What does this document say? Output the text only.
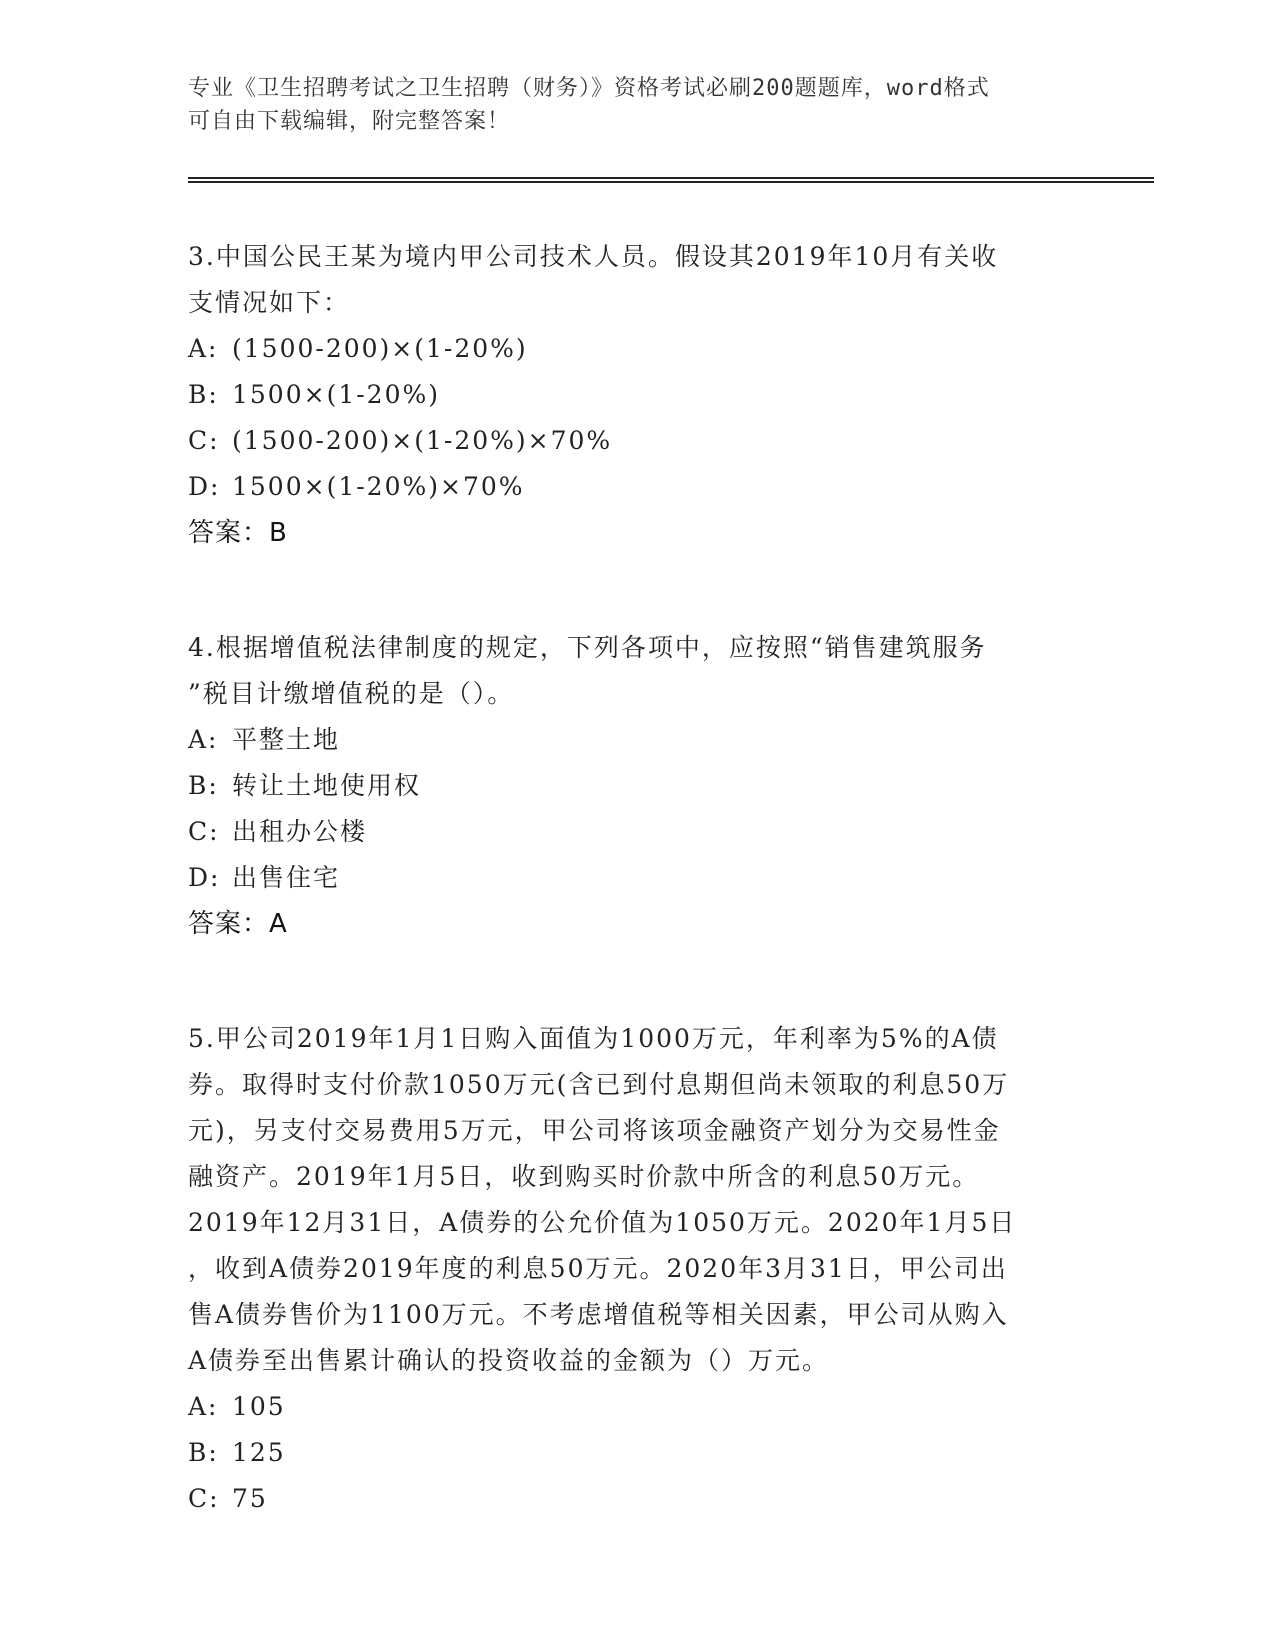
专业《卫生招聘考试之卫生招聘（财务）》资格考试必刷200题题库，word格式
可自由下载编辑，附完整答案！

3.中国公民王某为境内甲公司技术人员。假设其2019年10月有关收

支情况如下：

A: (1500-200)×(1-20%)

B: 1500×(1-20%)

C: (1500-200)×(1-20%)×70%

D: 1500×(1-20%)×70%

答案：B

4.根据增值税法律制度的规定，下列各项中，应按照“销售建筑服务

”税目计缴增值税的是（）。

A: 平整土地

B: 转让土地使用权

C: 出租办公楼

D: 出售住宅

答案：A

5.甲公司2019年1月1日购入面值为1000万元，年利率为5%的A债

券。取得时支付价款1050万元(含已到付息期但尚未领取的利息50万

元)，另支付交易费用5万元，甲公司将该项金融资产划分为交易性金

融资产。2019年1月5日，收到购买时价款中所含的利息50万元。

2019年12月31日，A债券的公允价值为1050万元。2020年1月5日

，收到A债券2019年度的利息50万元。2020年3月31日，甲公司出

售A债券售价为1100万元。不考虑增值税等相关因素，甲公司从购入

A债券至出售累计确认的投资收益的金额为（）万元。

A: 105

B: 125

C: 75
